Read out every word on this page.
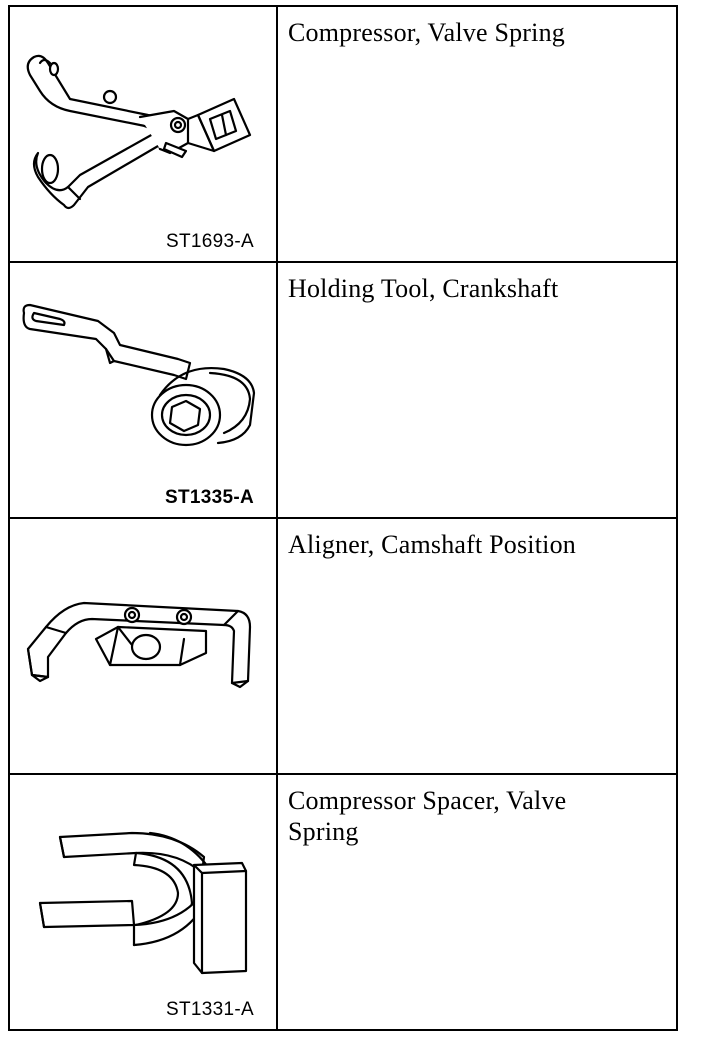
ST1693-A	Compressor, Valve Spring

ST1335-A	Holding Tool, Crankshaft

Aligner, Camshaft Position

ST1331-A	Compressor Spacer, Valve Spring
